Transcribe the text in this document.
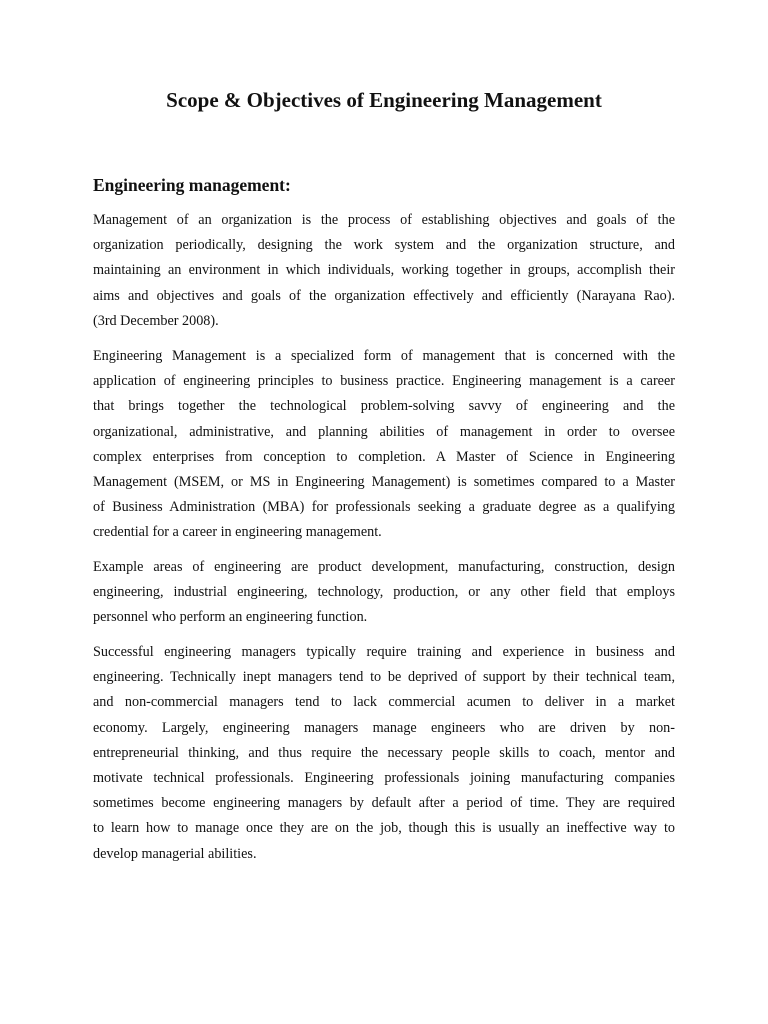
Scope & Objectives of Engineering Management
Engineering management:
Management of an organization is the process of establishing objectives and goals of the
organization periodically, designing the work system and the organization structure, and
maintaining an environment in which individuals, working together in groups, accomplish their
aims and objectives and goals of the organization effectively and efficiently (Narayana Rao).
(3rd December 2008).
Engineering Management is a specialized form of management that is concerned with the
application of engineering principles to business practice. Engineering management is a career
that brings together the technological problem-solving savvy of engineering and the
organizational, administrative, and planning abilities of management in order to oversee
complex enterprises from conception to completion. A Master of Science in Engineering
Management (MSEM, or MS in Engineering Management) is sometimes compared to a Master
of Business Administration (MBA) for professionals seeking a graduate degree as a qualifying
credential for a career in engineering management.
Example areas of engineering are product development, manufacturing, construction, design
engineering, industrial engineering, technology, production, or any other field that employs
personnel who perform an engineering function.
Successful engineering managers typically require training and experience in business and
engineering. Technically inept managers tend to be deprived of support by their technical team,
and non-commercial managers tend to lack commercial acumen to deliver in a market
economy. Largely, engineering managers manage engineers who are driven by non-
entrepreneurial thinking, and thus require the necessary people skills to coach, mentor and
motivate technical professionals. Engineering professionals joining manufacturing companies
sometimes become engineering managers by default after a period of time. They are required
to learn how to manage once they are on the job, though this is usually an ineffective way to
develop managerial abilities.
